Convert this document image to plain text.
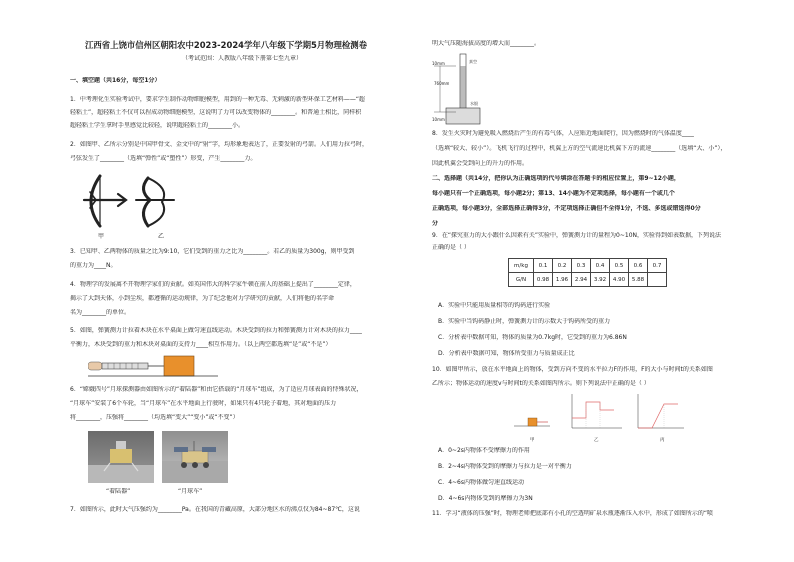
江西省上饶市信州区朝阳农中2023-2024学年八年级下学期5月物理检测卷
（考试范围：人教版八年级下册第七至九章）
一、填空题（共16分，每空1分）
1．中考理化生实验考试中，要求学生制作动物细胞模型，用到的一种无毒、无刺激的新型环保工艺材料——“超
轻粘土”，超轻粘土不仅可以捏成动物细胞模型，这说明了力可以改变物体的________。和普通土相比，同样积
超轻粘土学生拿时手里感觉比较轻，说明超轻粘土的________小。
2．如图甲、乙所示分别是中国甲骨文、金文中的“射”字，均形象地表达了，正要发射的弓箭。人们用力拉弓时，
弓弦发生了________（选填“弹性”或“塑性”）形变，产生________力。
甲	乙
3．已知甲、乙两物体的质量之比为9:10，它们受到的重力之比为________。若乙的质量为300g，则甲受到
的重力为____N。
4．物理学的发展离不开物理学家们的贡献。如英国伟大的科学家牛顿在前人的基础上提出了________定律，
揭示了大到天体，小到尘埃，都遵循的运动规律，为了纪念他对力学研究的贡献，人们将他的名字命
名为________的单位。
5．如图，弹簧测力计拉着木块在水平桌面上做匀速直线运动。木块受到的拉力和弹簧测力计对木块的拉力____
平衡力，木块受到的重力和木块对桌面的支持力____相互作用力。（以上两空都选填“是”或“不是”）
6．“嫦娥四号”月球探测器由如图所示的“着陆器”和由它搭载的“月球车”组成，为了适应月球表面的恃殊状况，
“月球车”安装了6个车轮，当“月球车”在水平地面上行驶时，如果只有4只轮子着地，其对地面的压力
将________，压强将________（均选填“变大”“变小”或“不变”）
“着陆器”	“月球车”
7．如图所示，此时大气压强约为________Pa。在我国的青藏高原，大部分地区水的沸点仅为84~87℃，这说
明大气压随海拔高度的增大而________。
10mm
760mm
真空
水银
10mm
8．发生火灾时为避免吸入燃烧后产生的有毒气体，人应贴近地面爬行，因为燃烧时的气体温度____
（选填“较大、较小”）。飞机飞行的过程中，机翼上方的空气流速比机翼下方的流速________（选填“大、小”），
因此机翼会受到向上的升力的作用。
二、选择题（共14分，把你认为正确选项的代号填涂在答题卡的相应位置上，第9~12小题，
每小题只有一个正确选项，每小题2分；第13、14小题为不定项选择，每小题有一个或几个
正确选项，每小题3分，全部选择正确得3分，不定项选择正确但不全得1分，不选、多选或错选得0分
分
9．在“探究重力的大小跟什么因素有关”实验中，弹簧测力计的量程为0~10N，实验得到如表数据，下列说法
正确的是（ ）
m/kg	0.1	0.2	0.3	0.4	0.5	0.6	0.7
G/N	0.98	1.96	2.94	3.92	4.90	5.88	
A．实验中只能用质量相等的钩码进行实验
B．实验中当钩码静止时，弹簧测力计的示数大于钩码所受的重力
C．分析表中数据可知，物体的质量为0.7kg时，它受到的重力为6.86N
D．分析表中数据可知，物体所受重力与质量成正比
10．如图甲所示，放在水平地面上的物体，受到方向不变的水平拉力F的作用，F的大小与时间t的关系如图
乙所示；物体运动的速度v与时间t的关系如图丙所示。则下列说法中正确的是（ ）
甲	乙	丙
A．0~2s内物体不受摩擦力的作用
B．2~4s内物体受到的摩擦力与拉力是一对平衡力
C．4~6s内物体做匀速直线运动
D．4~6s内物体受到的摩擦力为3N
11．学习“液体的压强”时，物理老师把底部有小孔的空透明矿泉水瓶逐渐压入水中，形成了如图所示的“喷
